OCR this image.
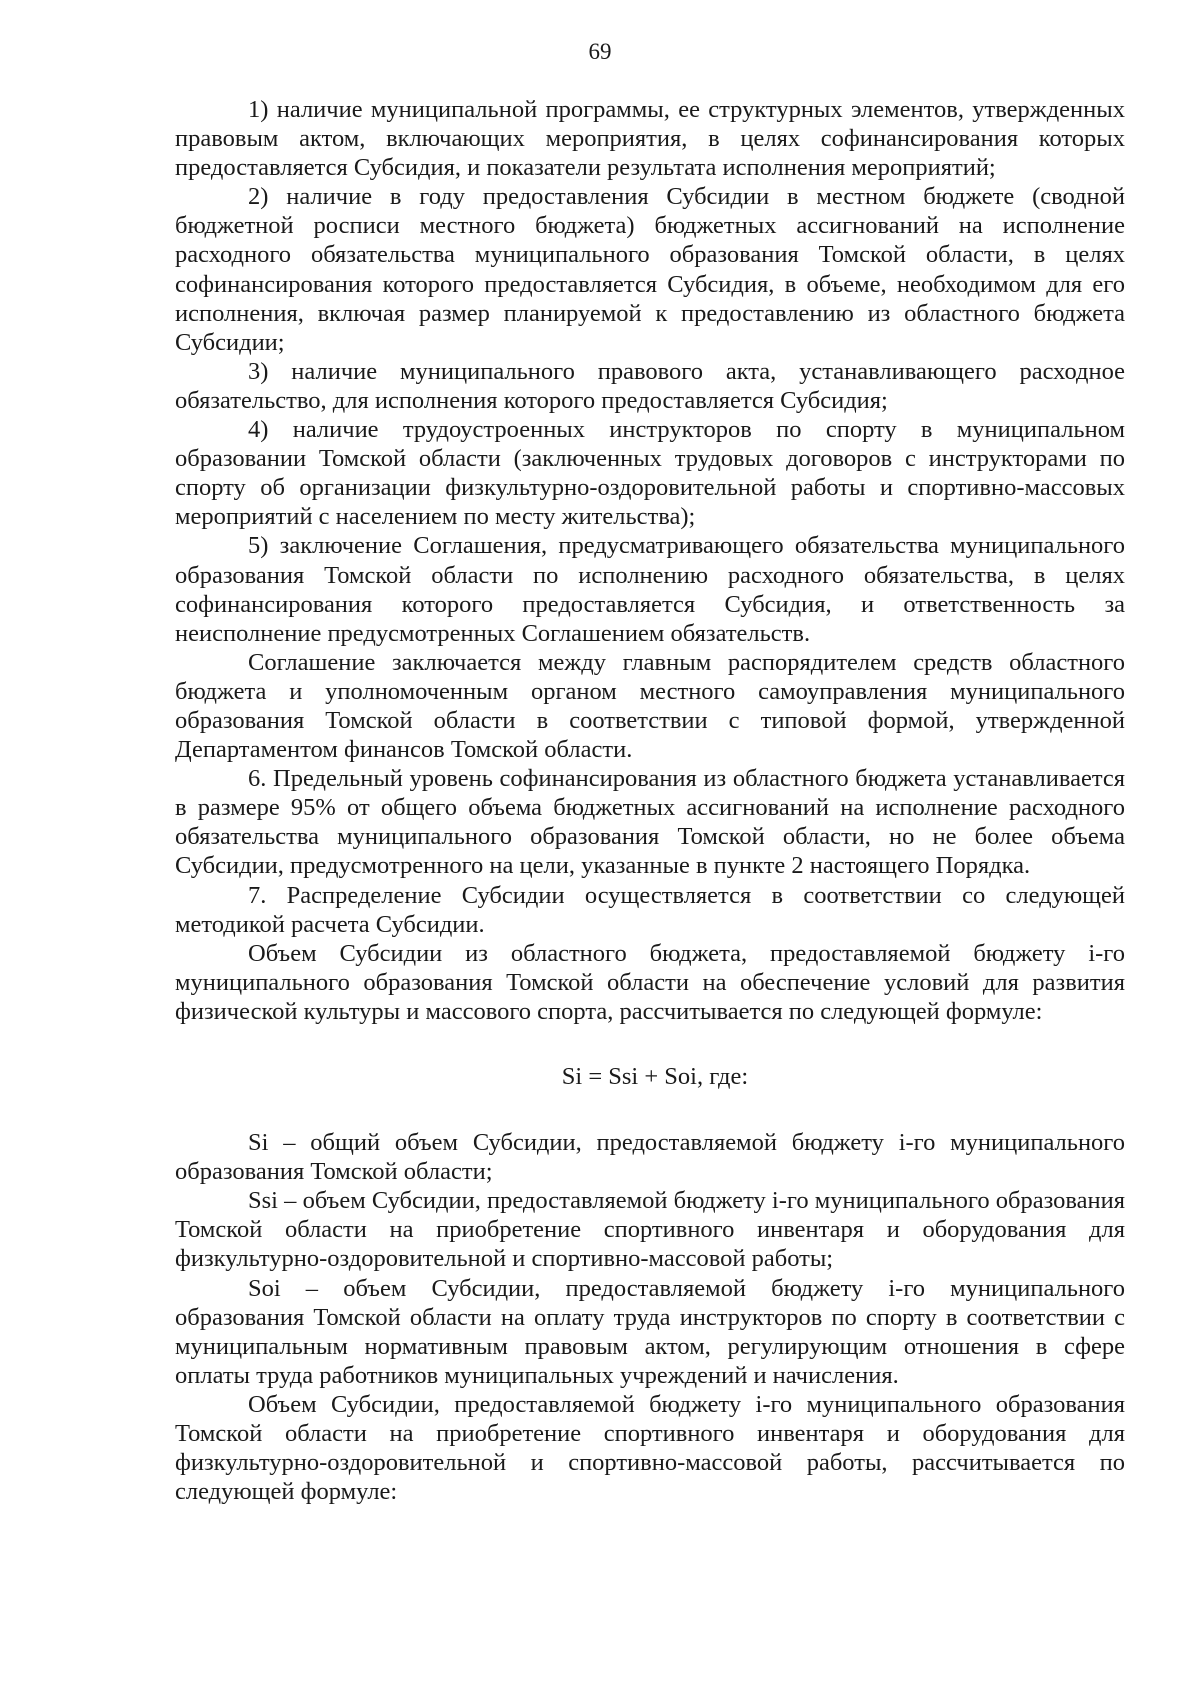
69

1) наличие муниципальной программы, ее структурных элементов, утвержденных правовым актом, включающих мероприятия, в целях софинансирования которых предоставляется Субсидия, и показатели результата исполнения мероприятий;

2) наличие в году предоставления Субсидии в местном бюджете (сводной бюджетной росписи местного бюджета) бюджетных ассигнований на исполнение расходного обязательства муниципального образования Томской области, в целях софинансирования которого предоставляется Субсидия, в объеме, необходимом для его исполнения, включая размер планируемой к предоставлению из областного бюджета Субсидии;

3) наличие муниципального правового акта, устанавливающего расходное обязательство, для исполнения которого предоставляется Субсидия;

4) наличие трудоустроенных инструкторов по спорту в муниципальном образовании Томской области (заключенных трудовых договоров с инструкторами по спорту об организации физкультурно-оздоровительной работы и спортивно-массовых мероприятий с населением по месту жительства);

5) заключение Соглашения, предусматривающего обязательства муниципального образования Томской области по исполнению расходного обязательства, в целях софинансирования которого предоставляется Субсидия, и ответственность за неисполнение предусмотренных Соглашением обязательств.

Соглашение заключается между главным распорядителем средств областного бюджета и уполномоченным органом местного самоуправления муниципального образования Томской области в соответствии с типовой формой, утвержденной Департаментом финансов Томской области.

6. Предельный уровень софинансирования из областного бюджета устанавливается в размере 95% от общего объема бюджетных ассигнований на исполнение расходного обязательства муниципального образования Томской области, но не более объема Субсидии, предусмотренного на цели, указанные в пункте 2 настоящего Порядка.

7. Распределение Субсидии осуществляется в соответствии со следующей методикой расчета Субсидии.

Объем Субсидии из областного бюджета, предоставляемой бюджету i-го муниципального образования Томской области на обеспечение условий для развития физической культуры и массового спорта, рассчитывается по следующей формуле:

Si = Ssi + Soi, где:

Si – общий объем Субсидии, предоставляемой бюджету i-го муниципального образования Томской области;

Ssi – объем Субсидии, предоставляемой бюджету i-го муниципального образования Томской области на приобретение спортивного инвентаря и оборудования для физкультурно-оздоровительной и спортивно-массовой работы;

Soi – объем Субсидии, предоставляемой бюджету i-го муниципального образования Томской области на оплату труда инструкторов по спорту в соответствии с муниципальным нормативным правовым актом, регулирующим отношения в сфере оплаты труда работников муниципальных учреждений и начисления.

Объем Субсидии, предоставляемой бюджету i-го муниципального образования Томской области на приобретение спортивного инвентаря и оборудования для физкультурно-оздоровительной и спортивно-массовой работы, рассчитывается по следующей формуле:
